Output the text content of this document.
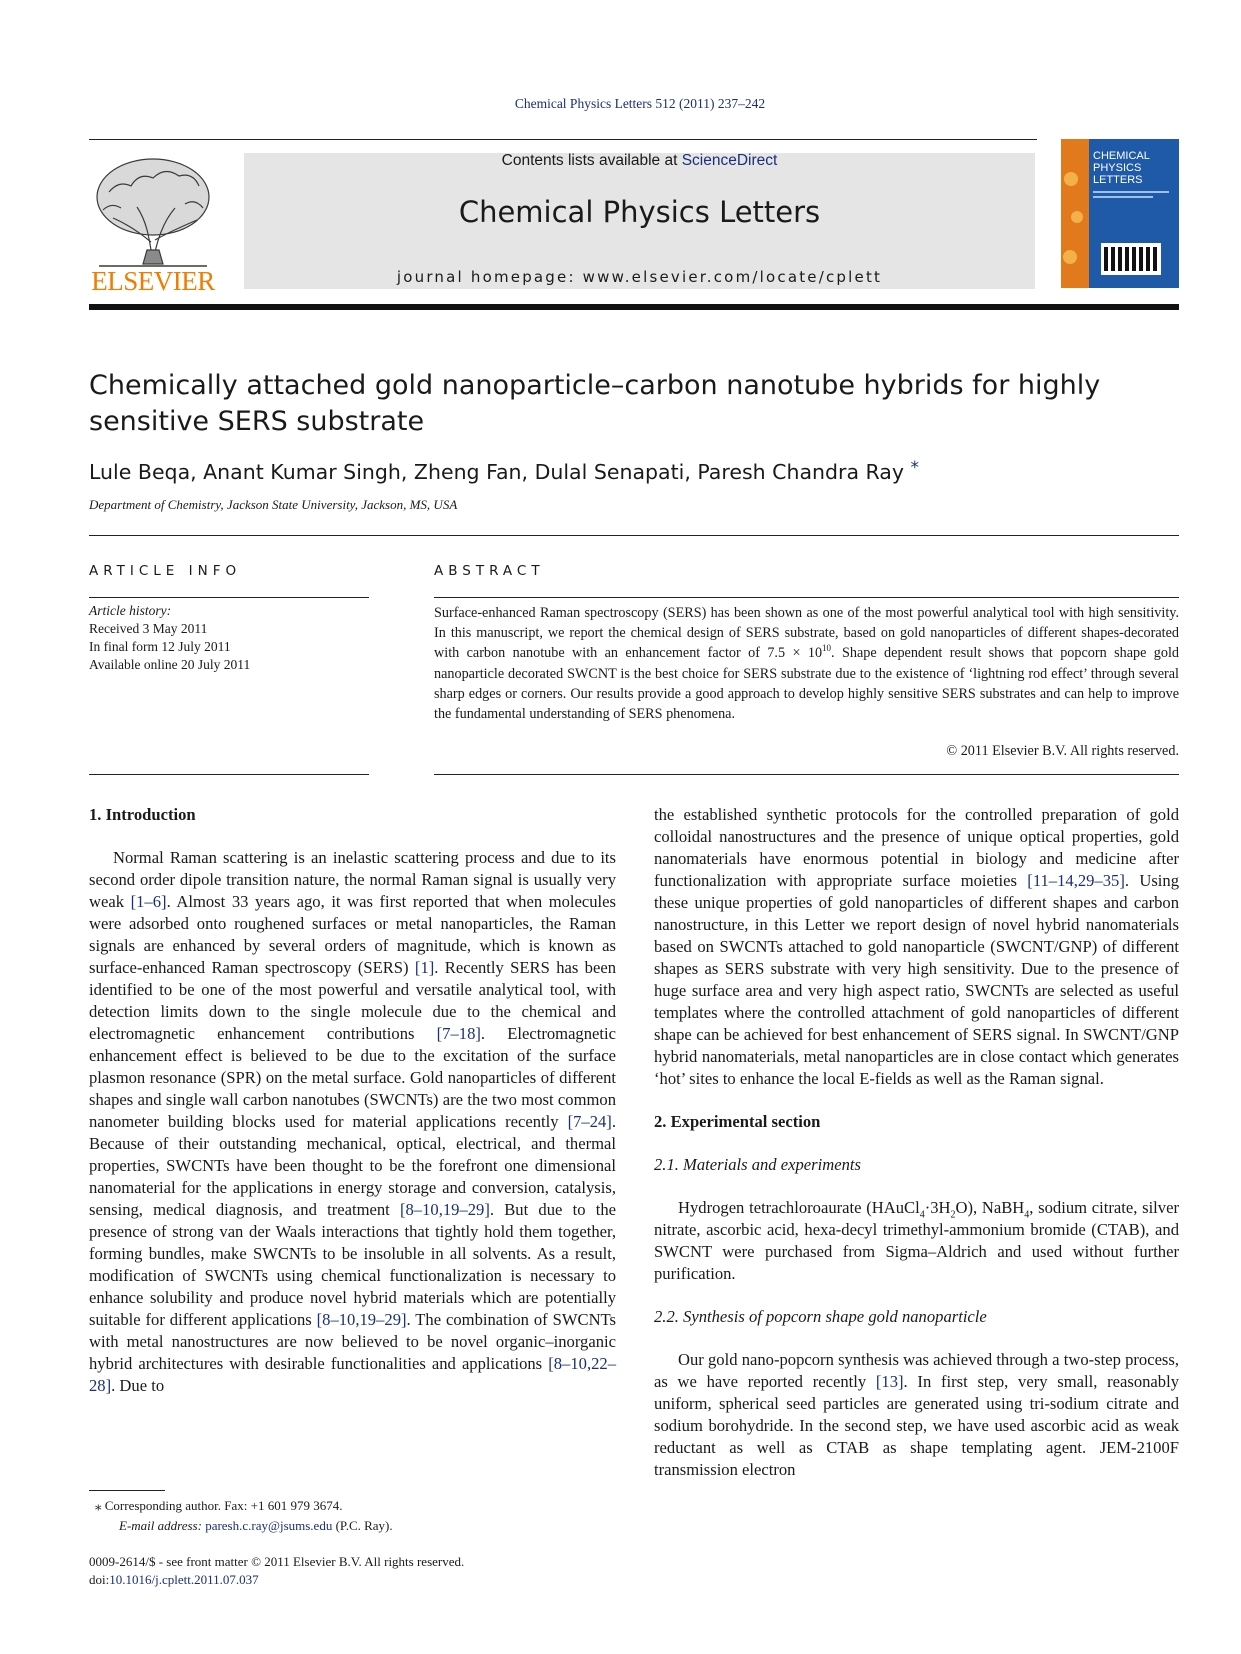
Chemical Physics Letters 512 (2011) 237–242
ELSEVIER
Contents lists available at ScienceDirect
Chemical Physics Letters
journal homepage: www.elsevier.com/locate/cplett
CHEMICAL
PHYSICS
LETTERS
Chemically attached gold nanoparticle–carbon nanotube hybrids for highly
sensitive SERS substrate
Lule Beqa, Anant Kumar Singh, Zheng Fan, Dulal Senapati, Paresh Chandra Ray *
Department of Chemistry, Jackson State University, Jackson, MS, USA
ARTICLE INFO	ABSTRACT
Article history:
Received 3 May 2011
In final form 12 July 2011
Available online 20 July 2011
Surface-enhanced Raman spectroscopy (SERS) has been shown as one of the most powerful analytical tool with high sensitivity. In this manuscript, we report the chemical design of SERS substrate, based on gold nanoparticles of different shapes-decorated with carbon nanotube with an enhancement factor of $7.5 \times 10^{10}$. Shape dependent result shows that popcorn shape gold nanoparticle decorated SWCNT is the best choice for SERS substrate due to the existence of ‘lightning rod effect’ through several sharp edges or corners. Our results provide a good approach to develop highly sensitive SERS substrates and can help to improve the fundamental understanding of SERS phenomena.
© 2011 Elsevier B.V. All rights reserved.
1. Introduction

Normal Raman scattering is an inelastic scattering process and due to its second order dipole transition nature, the normal Raman signal is usually very weak [1–6]. Almost 33 years ago, it was first reported that when molecules were adsorbed onto roughened surfaces or metal nanoparticles, the Raman signals are enhanced by several orders of magnitude, which is known as surface-enhanced Raman spectroscopy (SERS) [1]. Recently SERS has been identified to be one of the most powerful and versatile analytical tool, with detection limits down to the single molecule due to the chemical and electromagnetic enhancement contributions [7–18]. Electromagnetic enhancement effect is believed to be due to the excitation of the surface plasmon resonance (SPR) on the metal surface. Gold nanoparticles of different shapes and single wall carbon nanotubes (SWCNTs) are the two most common nanometer building blocks used for material applications recently [7–24]. Because of their outstanding mechanical, optical, electrical, and thermal properties, SWCNTs have been thought to be the forefront one dimensional nanomaterial for the applications in energy storage and conversion, catalysis, sensing, medical diagnosis, and treatment [8–10,19–29]. But due to the presence of strong van der Waals interactions that tightly hold them together, forming bundles, make SWCNTs to be insoluble in all solvents. As a result, modification of SWCNTs using chemical functionalization is necessary to enhance solubility and produce novel hybrid materials which are potentially suitable for different applications [8–10,19–29]. The combination of SWCNTs with metal nanostructures are now believed to be novel organic–inorganic hybrid architectures with desirable functionalities and applications [8–10,22–28]. Due to

the established synthetic protocols for the controlled preparation of gold colloidal nanostructures and the presence of unique optical properties, gold nanomaterials have enormous potential in biology and medicine after functionalization with appropriate surface moieties [11–14,29–35]. Using these unique properties of gold nanoparticles of different shapes and carbon nanostructure, in this Letter we report design of novel hybrid nanomaterials based on SWCNTs attached to gold nanoparticle (SWCNT/GNP) of different shapes as SERS substrate with very high sensitivity. Due to the presence of huge surface area and very high aspect ratio, SWCNTs are selected as useful templates where the controlled attachment of gold nanoparticles of different shape can be achieved for best enhancement of SERS signal. In SWCNT/GNP hybrid nanomaterials, metal nanoparticles are in close contact which generates ‘hot’ sites to enhance the local E-fields as well as the Raman signal.

2. Experimental section
2.1. Materials and experiments

Hydrogen tetrachloroaurate $(HAuCl_4\cdot 3H_2O)$, NaBH$_4$, sodium citrate, silver nitrate, ascorbic acid, hexa-decyl trimethyl-ammonium bromide (CTAB), and SWCNT were purchased from Sigma–Aldrich and used without further purification.

2.2. Synthesis of popcorn shape gold nanoparticle

Our gold nano-popcorn synthesis was achieved through a two-step process, as we have reported recently [13]. In first step, very small, reasonably uniform, spherical seed particles are generated using tri-sodium citrate and sodium borohydride. In the second step, we have used ascorbic acid as weak reductant as well as CTAB as shape templating agent. JEM-2100F transmission electron

⁎ Corresponding author. Fax: +1 601 979 3674.
E-mail address: paresh.c.ray@jsums.edu (P.C. Ray).
0009-2614/$ - see front matter © 2011 Elsevier B.V. All rights reserved.
doi:10.1016/j.cplett.2011.07.037
